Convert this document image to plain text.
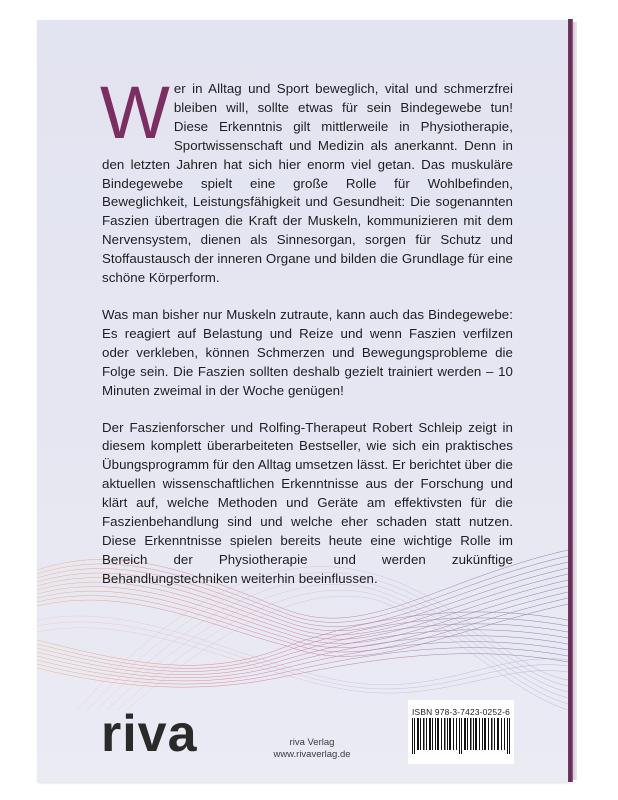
Wer in Alltag und Sport beweglich, vital und schmerzfrei bleiben will, sollte etwas für sein Bindegewebe tun! Diese Erkenntnis gilt mittlerweile in Physiotherapie, Sportwissenschaft und Medizin als anerkannt. Denn in den letzten Jahren hat sich hier enorm viel getan. Das muskuläre Bindegewebe spielt eine große Rolle für Wohlbefinden, Beweglichkeit, Leistungsfähigkeit und Gesundheit: Die sogenannten Faszien übertragen die Kraft der Muskeln, kommunizieren mit dem Nervensystem, dienen als Sinnesorgan, sorgen für Schutz und Stoffaustausch der inneren Organe und bilden die Grundlage für eine schöne Körperform.

Was man bisher nur Muskeln zutraute, kann auch das Bindegewebe: Es reagiert auf Belastung und Reize und wenn Faszien verfilzen oder verkleben, können Schmerzen und Bewegungsprobleme die Folge sein. Die Faszien sollten deshalb gezielt trainiert werden – 10 Minuten zweimal in der Woche genügen!

Der Faszienforscher und Rolfing-Therapeut Robert Schleip zeigt in diesem komplett überarbeiteten Bestseller, wie sich ein praktisches Übungsprogramm für den Alltag umsetzen lässt. Er berichtet über die aktuellen wissenschaftlichen Erkenntnisse aus der Forschung und klärt auf, welche Methoden und Geräte am effektivsten für die Faszienbehandlung sind und welche eher schaden statt nutzen. Diese Erkenntnisse spielen bereits heute eine wichtige Rolle im Bereich der Physiotherapie und werden zukünftige Behandlungstechniken weiterhin beeinflussen.

riva	riva Verlag
www.rivaverlag.de
ISBN 978-3-7423-0252-6
